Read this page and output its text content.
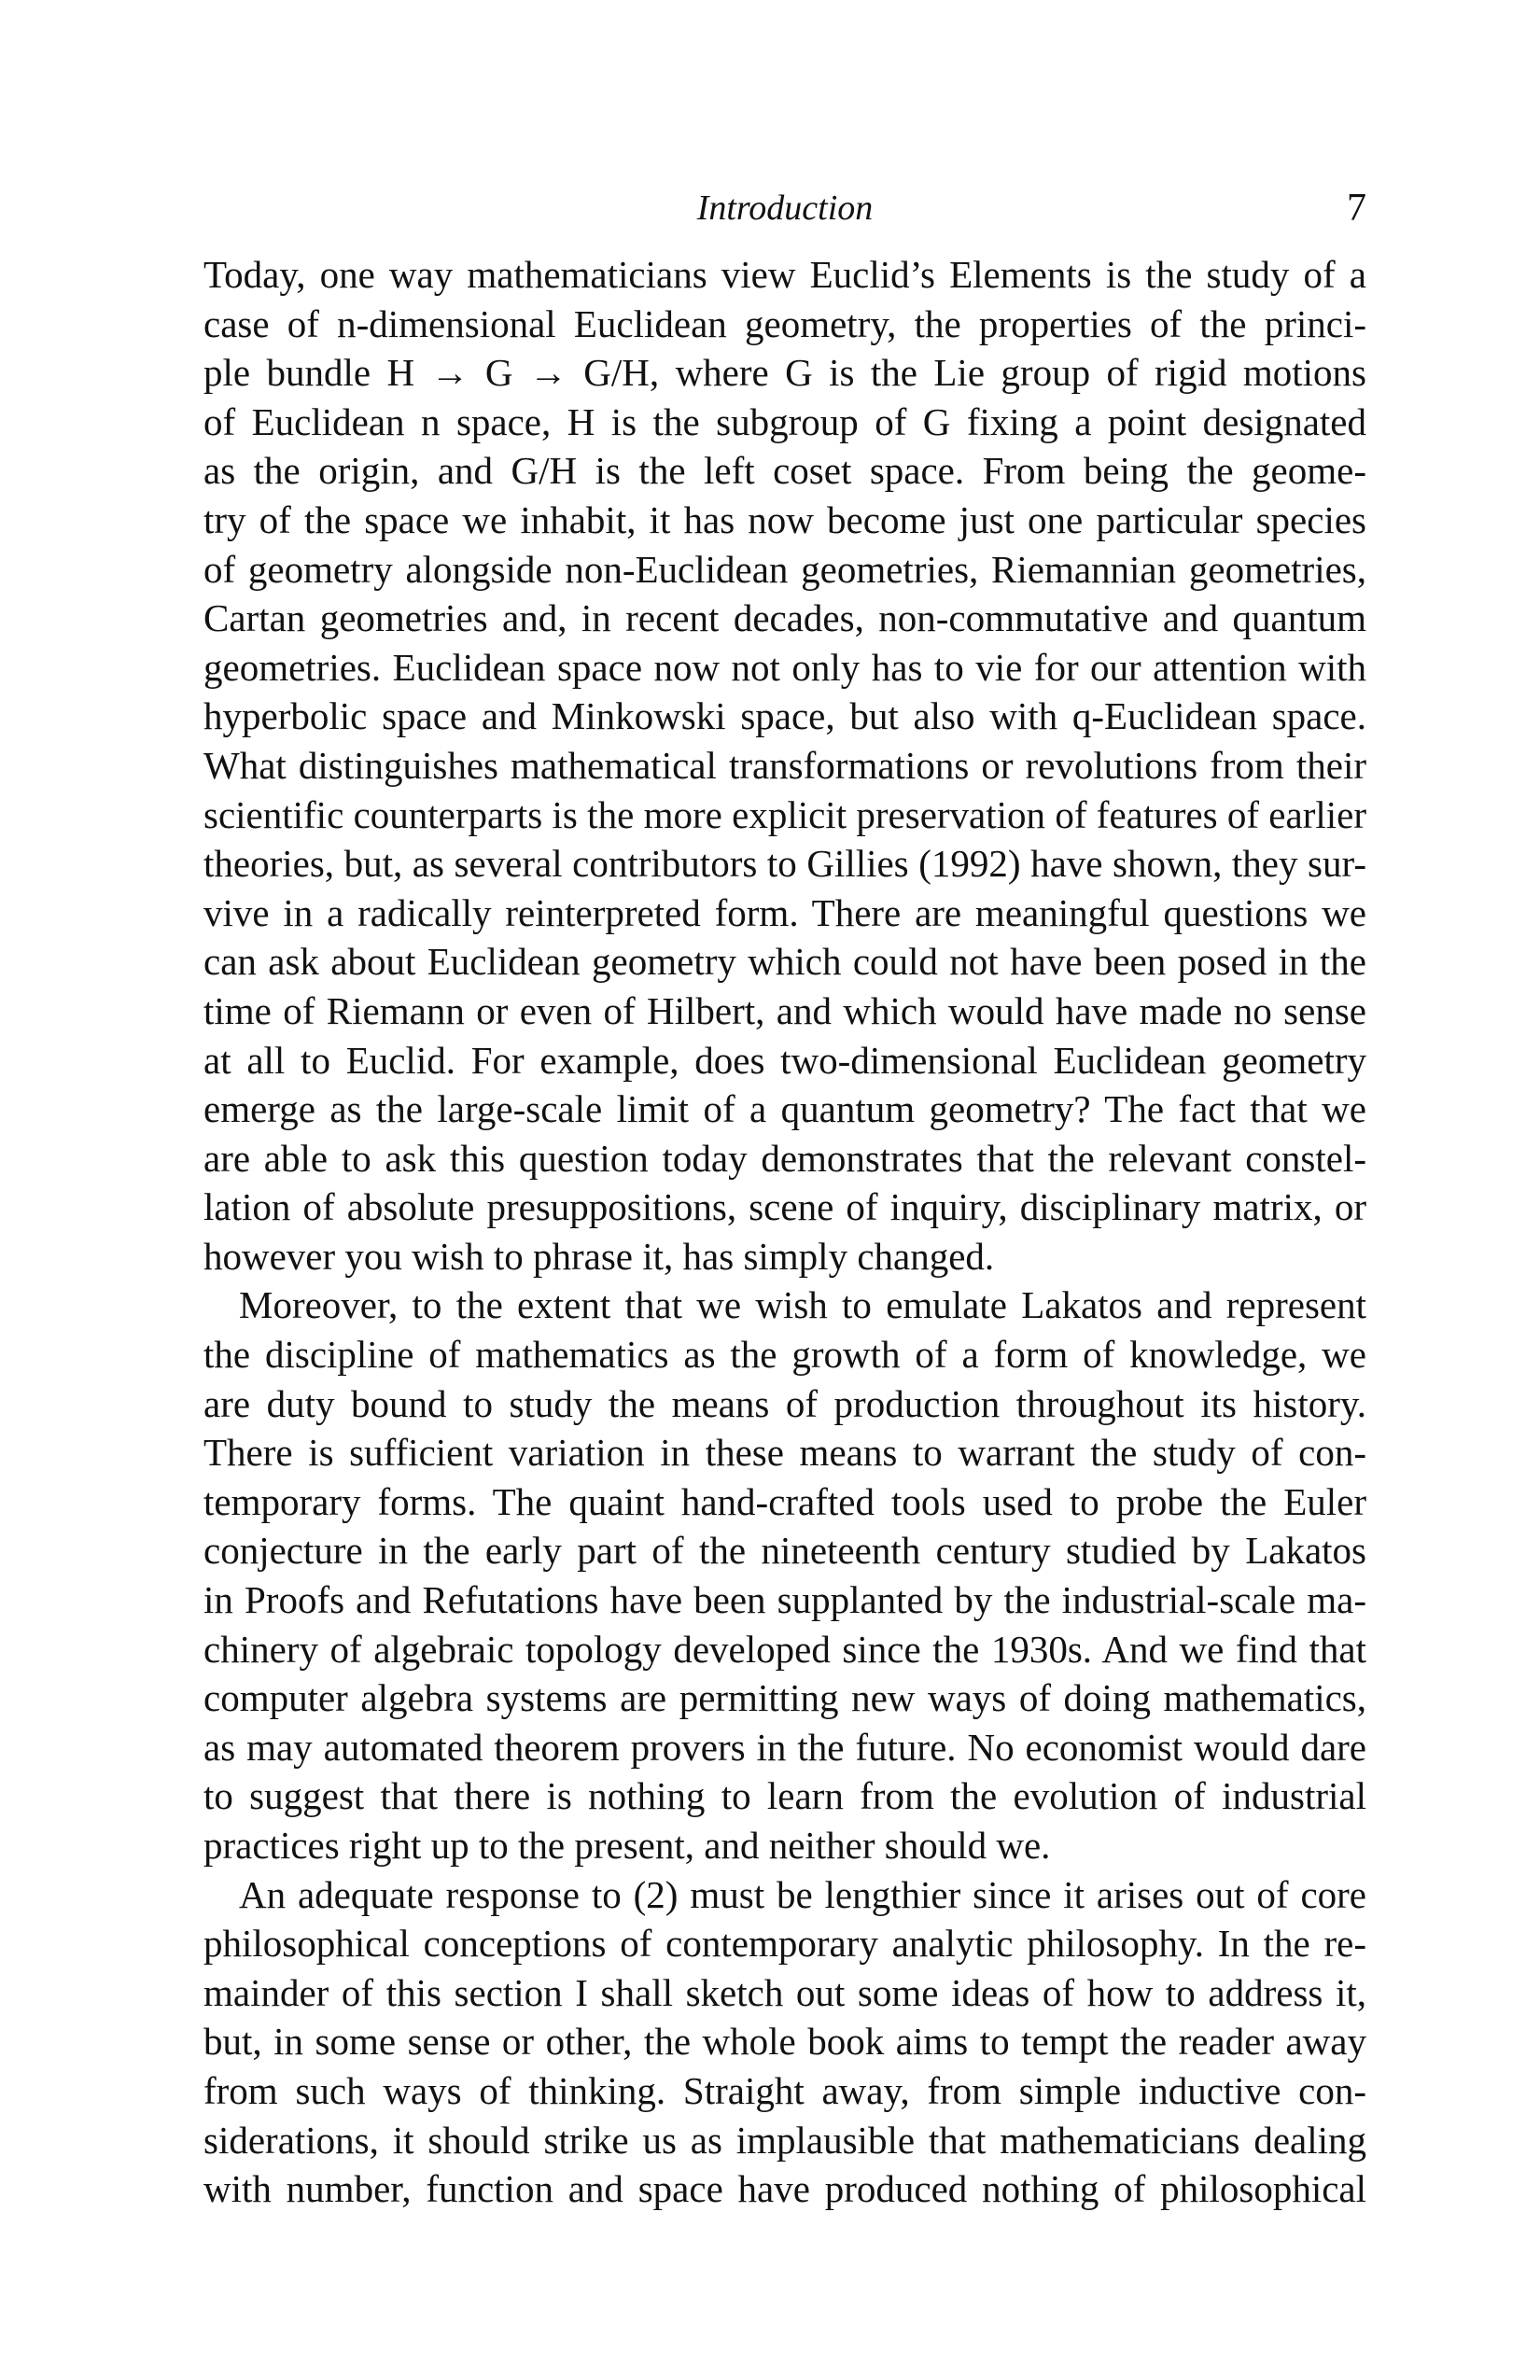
Introduction	7
Today, one way mathematicians view Euclid’s Elements is the study of a
case of n-dimensional Euclidean geometry, the properties of the princi-
ple bundle H → G → G/H, where G is the Lie group of rigid motions
of Euclidean n space, H is the subgroup of G fixing a point designated
as the origin, and G/H is the left coset space. From being the geome-
try of the space we inhabit, it has now become just one particular species
of geometry alongside non-Euclidean geometries, Riemannian geometries,
Cartan geometries and, in recent decades, non-commutative and quantum
geometries. Euclidean space now not only has to vie for our attention with
hyperbolic space and Minkowski space, but also with q-Euclidean space.
What distinguishes mathematical transformations or revolutions from their
scientific counterparts is the more explicit preservation of features of earlier
theories, but, as several contributors to Gillies (1992) have shown, they sur-
vive in a radically reinterpreted form. There are meaningful questions we
can ask about Euclidean geometry which could not have been posed in the
time of Riemann or even of Hilbert, and which would have made no sense
at all to Euclid. For example, does two-dimensional Euclidean geometry
emerge as the large-scale limit of a quantum geometry? The fact that we
are able to ask this question today demonstrates that the relevant constel-
lation of absolute presuppositions, scene of inquiry, disciplinary matrix, or
however you wish to phrase it, has simply changed.
Moreover, to the extent that we wish to emulate Lakatos and represent
the discipline of mathematics as the growth of a form of knowledge, we
are duty bound to study the means of production throughout its history.
There is sufficient variation in these means to warrant the study of con-
temporary forms. The quaint hand-crafted tools used to probe the Euler
conjecture in the early part of the nineteenth century studied by Lakatos
in Proofs and Refutations have been supplanted by the industrial-scale ma-
chinery of algebraic topology developed since the 1930s. And we find that
computer algebra systems are permitting new ways of doing mathematics,
as may automated theorem provers in the future. No economist would dare
to suggest that there is nothing to learn from the evolution of industrial
practices right up to the present, and neither should we.
An adequate response to (2) must be lengthier since it arises out of core
philosophical conceptions of contemporary analytic philosophy. In the re-
mainder of this section I shall sketch out some ideas of how to address it,
but, in some sense or other, the whole book aims to tempt the reader away
from such ways of thinking. Straight away, from simple inductive con-
siderations, it should strike us as implausible that mathematicians dealing
with number, function and space have produced nothing of philosophical
